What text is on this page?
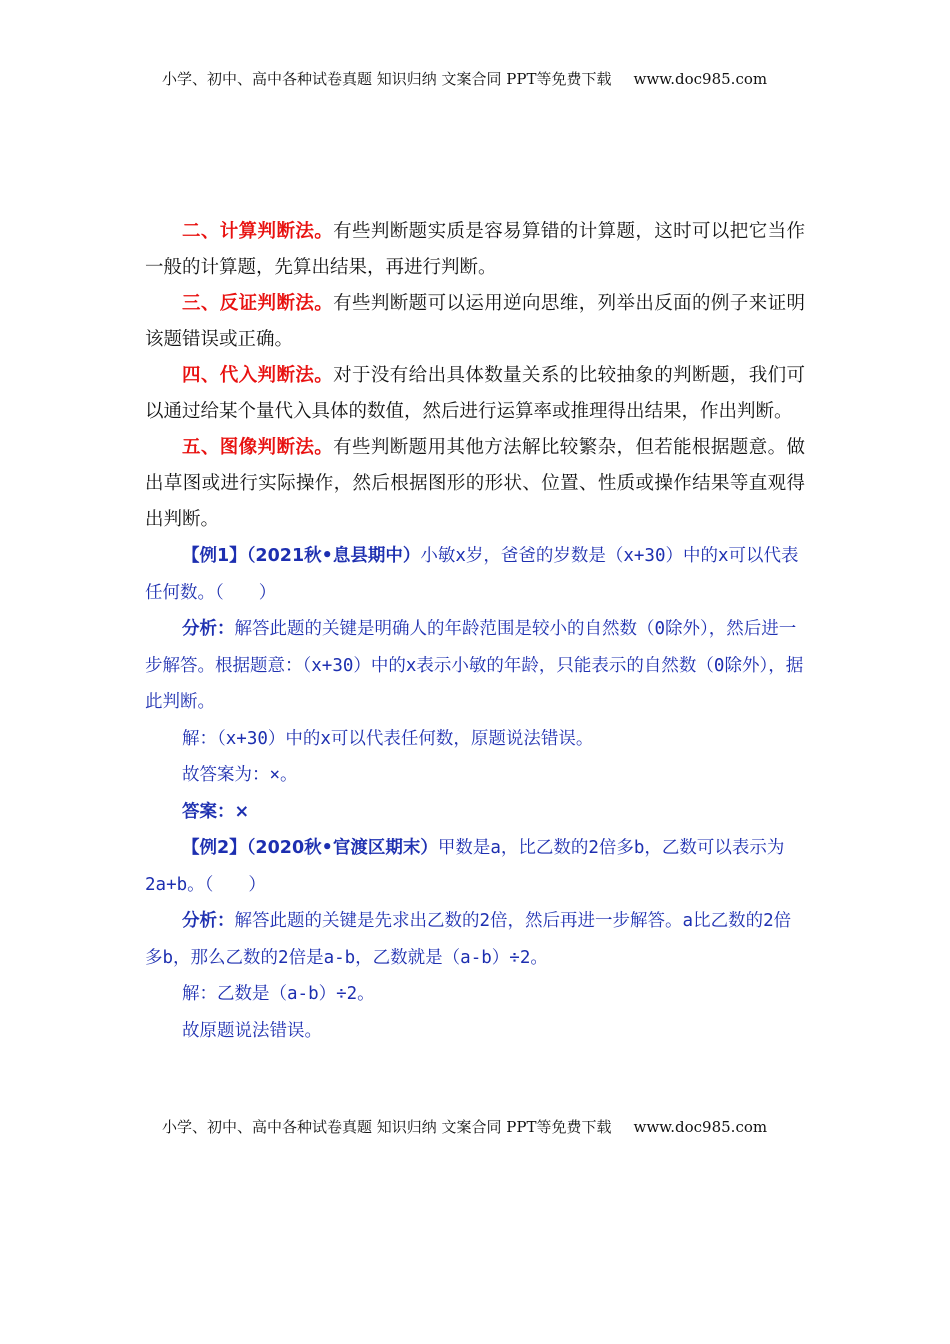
小学、初中、高中各种试卷真题 知识归纳 文案合同 PPT等免费下载 www.doc985.com

二、计算判断法。有些判断题实质是容易算错的计算题，这时可以把它当作一般的计算题，先算出结果，再进行判断。

三、反证判断法。有些判断题可以运用逆向思维，列举出反面的例子来证明该题错误或正确。

四、代入判断法。对于没有给出具体数量关系的比较抽象的判断题，我们可以通过给某个量代入具体的数值，然后进行运算率或推理得出结果，作出判断。

五、图像判断法。有些判断题用其他方法解比较繁杂，但若能根据题意。做出草图或进行实际操作，然后根据图形的形状、位置、性质或操作结果等直观得出判断。

【例1】（2021秋•息县期中）小敏x岁，爸爸的岁数是（x+30）中的x可以代表任何数。（　　）

分析：解答此题的关键是明确人的年龄范围是较小的自然数（0除外），然后进一步解答。根据题意：（x+30）中的x表示小敏的年龄，只能表示的自然数（0除外），据此判断。

解：（x+30）中的x可以代表任何数，原题说法错误。

故答案为：×。

答案：×

【例2】（2020秋•官渡区期末）甲数是a，比乙数的2倍多b，乙数可以表示为2a+b。（　　）

分析：解答此题的关键是先求出乙数的2倍，然后再进一步解答。a比乙数的2倍多b，那么乙数的2倍是a-b，乙数就是（a-b）÷2。

解：乙数是（a-b）÷2。

故原题说法错误。

小学、初中、高中各种试卷真题 知识归纳 文案合同 PPT等免费下载 www.doc985.com
